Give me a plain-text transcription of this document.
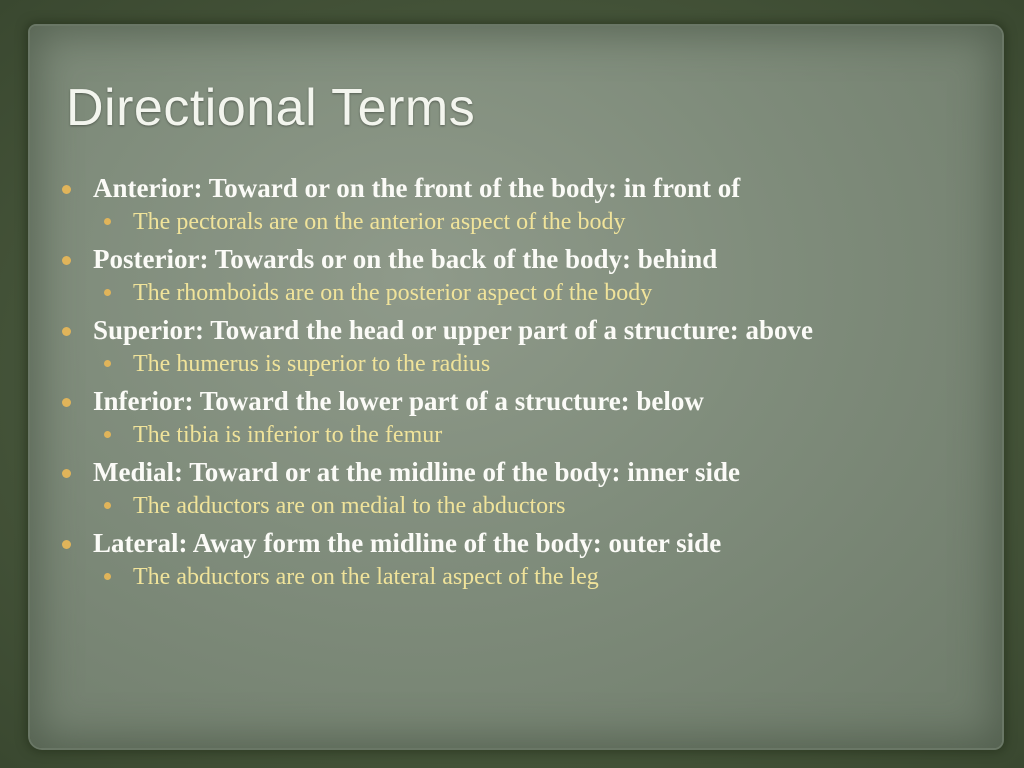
Directional Terms
Anterior: Toward or on the front of the body: in front of
The pectorals are on the anterior aspect of the body
Posterior: Towards or on the back of the body: behind
The rhomboids are on the posterior aspect of the body
Superior: Toward the head or upper part of a structure: above
The humerus is superior to the radius
Inferior: Toward the lower part of a structure: below
The tibia is inferior to the femur
Medial: Toward or at the midline of the body: inner side
The adductors are on medial to the abductors
Lateral: Away form the midline of the body: outer side
The abductors are on the lateral aspect of the leg
